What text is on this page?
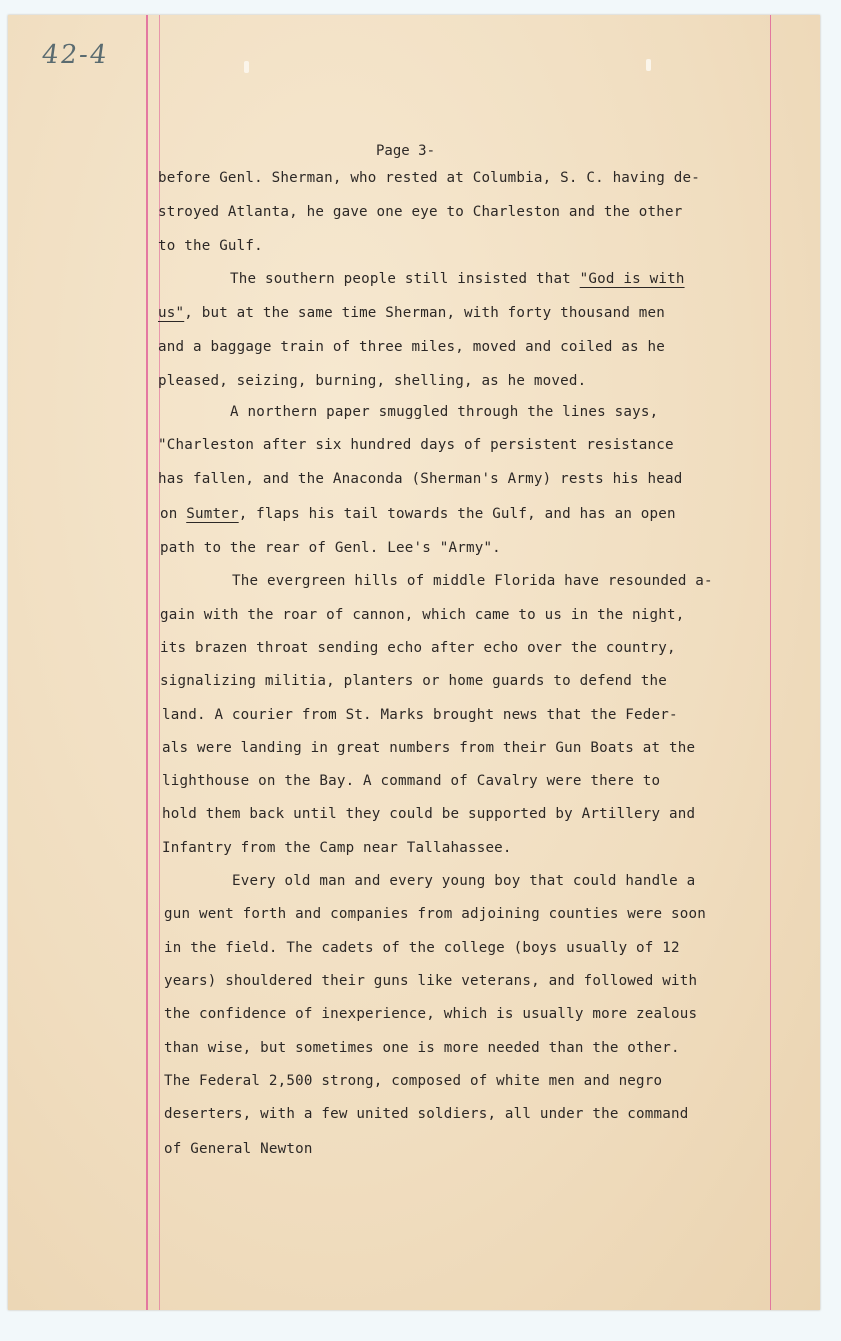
42-4
Page 3-
before Genl. Sherman, who rested at Columbia, S. C. having de-
stroyed Atlanta, he gave one eye to Charleston and the other
to the Gulf.
The southern people still insisted that "God is with
us", but at the same time Sherman, with forty thousand men
and a baggage train of three miles, moved and coiled as he
pleased, seizing, burning, shelling, as he moved.
A northern paper smuggled through the lines says,
"Charleston after six hundred days of persistent resistance
has fallen, and the Anaconda (Sherman's Army) rests his head
on Sumter, flaps his tail towards the Gulf, and has an open
path to the rear of Genl. Lee's "Army".
The evergreen hills of middle Florida have resounded a-
gain with the roar of cannon, which came to us in the night,
its brazen throat sending echo after echo over the country,
signalizing militia, planters or home guards to defend the
land. A courier from St. Marks brought news that the Feder-
als were landing in great numbers from their Gun Boats at the
lighthouse on the Bay. A command of Cavalry were there to
hold them back until they could be supported by Artillery and
Infantry from the Camp near Tallahassee.
Every old man and every young boy that could handle a
gun went forth and companies from adjoining counties were soon
in the field. The cadets of the college (boys usually of 12
years) shouldered their guns like veterans, and followed with
the confidence of inexperience, which is usually more zealous
than wise, but sometimes one is more needed than the other.
The Federal 2,500 strong, composed of white men and negro
deserters, with a few united soldiers, all under the command
of General Newton
